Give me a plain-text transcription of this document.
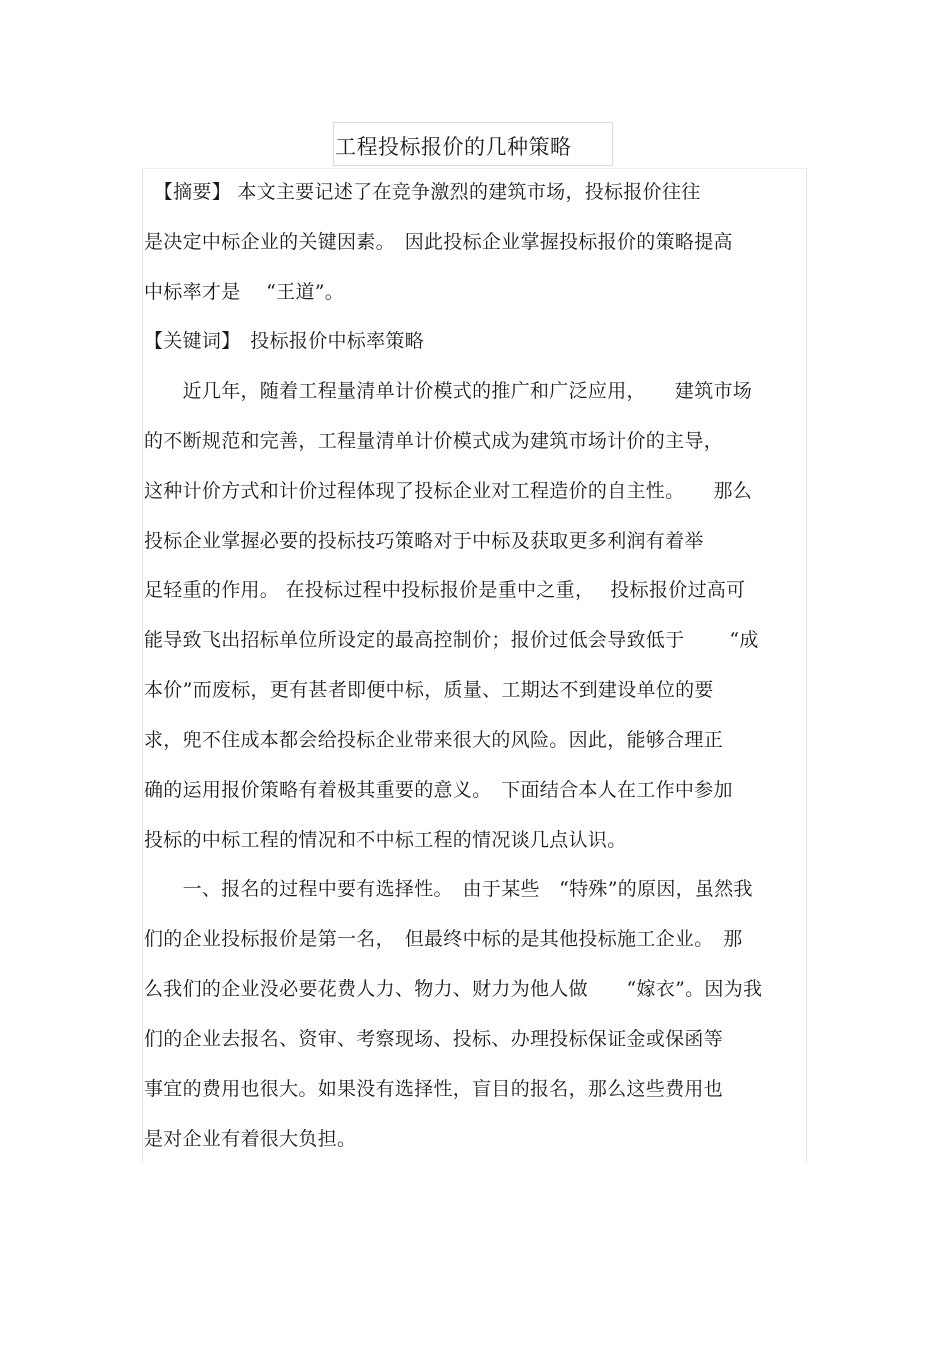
工程投标报价的几种策略
　【摘要】 本文主要记述了在竞争激烈的建筑市场，投标报价往往
是决定中标企业的关键因素。　因此投标企业掌握投标报价的策略提高
中标率才是　 “王道”。
【关键词】　投标报价中标率策略
　　近几年，随着工程量清单计价模式的推广和广泛应用，　　建筑市场
的不断规范和完善，工程量清单计价模式成为建筑市场计价的主导，
这种计价方式和计价过程体现了投标企业对工程造价的自主性。　　那么
投标企业掌握必要的投标技巧策略对于中标及获取更多利润有着举
足轻重的作用。 在投标过程中投标报价是重中之重，　 投标报价过高可
能导致飞出招标单位所设定的最高控制价；报价过低会导致低于　　 “成
本价”而废标，更有甚者即便中标，质量、工期达不到建设单位的要
求，兜不住成本都会给投标企业带来很大的风险。因此，能够合理正
确的运用报价策略有着极其重要的意义。　下面结合本人在工作中参加
投标的中标工程的情况和不中标工程的情况谈几点认识。
　　一、报名的过程中要有选择性。　由于某些　“特殊”的原因，虽然我
们的企业投标报价是第一名，　但最终中标的是其他投标施工企业。　那
么我们的企业没必要花费人力、物力、财力为他人做　　“嫁衣”。因为我
们的企业去报名、资审、考察现场、投标、办理投标保证金或保函等
事宜的费用也很大。如果没有选择性，盲目的报名，那么这些费用也
是对企业有着很大负担。
